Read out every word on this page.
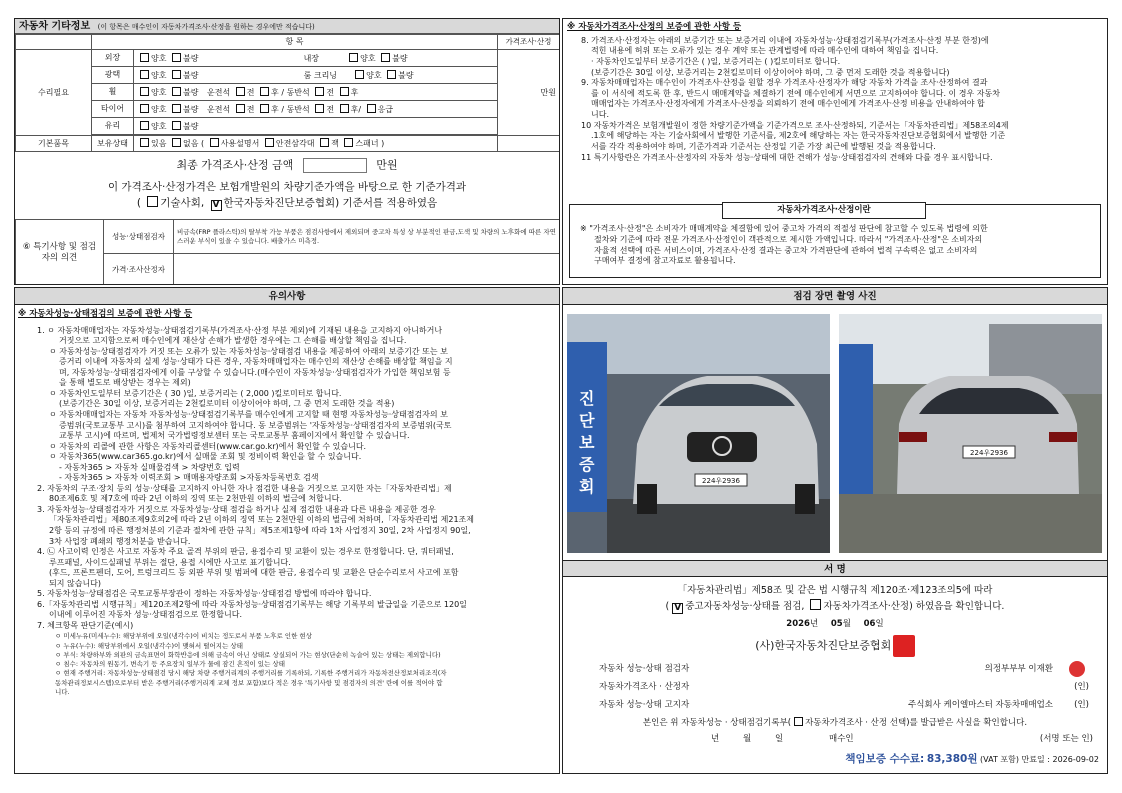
자동차 기타정보 (이 항목은 매수인이 자동차가격조사·산정을 원하는 경우에만 적습니다)
	항 목		가격조사·산정
수리필요	외장	양호 불량 내장 양호 불량	만원
	광택	양호 불량 룸 크리닝 양호 불량	
	휠	양호 불량 운전석 전 후 / 동반석 전 후	
	타이어	양호 불량 운전석 전 후 / 동반석 전 후/ 응급	
	유리	양호 불량	

기본품목	보유상태	있음 없음 ( 사용설명서 안전삼각대 잭 스패너 )	
최종 가격조사·산정 금액	만원
이 가격조사·산정가격은 보험개발원의 차량기준가액을 바탕으로 한 기준가격과
( 기술사회, V 한국자동차진단보증협회) 기준서를 적용하였음
⑥ 특기사항 및 점검자의 의견	성능·상태점검자	비금속(FRP 플라스틱)의 탈부착 가능 부품은 점검사항에서 제외되며 중고차 특성 상 부분적인 판금,도색 및 차량의 노후화에 따른 자연스러운 부식이 있을 수 있습니다. 배출가스 미측정.
	가격·조사산정자	
※ 자동차가격조사·산정의 보증에 관한 사항 등
8. 가격조사·산정자는 아래의 보증기간 또는 보증거리 이내에 자동차성능·상태점검기록부(가격조사·산정 부분 한정)에
적힌 내용에 허위 또는 오류가 있는 경우 계약 또는 관계법령에 따라 매수인에 대하여 책임을 집니다.
· 자동차인도일부터 보증기간은 ( )일, 보증거리는 ( )킬로미터로 합니다.
(보증기간은 30일 이상, 보증거리는 2천킬로미터 이상이어야 하며, 그 중 먼저 도래한 것을 적용합니다)
9. 자동차매매업자는 매수인이 가격조사·산정을 원할 경우 가격조사·산정자가 해당 자동차 가격을 조사·산정하여 결과
를 이 서식에 적도록 한 후, 반드시 매매계약을 체결하기 전에 매수인에게 서면으로 고지하여야 합니다. 이 경우 자동차
매매업자는 가격조사·산정자에게 가격조사·산정을 의뢰하기 전에 매수인에게 가격조사·산정 비용을 안내하여야 합
니다.
10 자동차가격은 보험개발원이 정한 차량기준가액을 기준가격으로 조사·산정하되, 기준서는「자동차관리법」제58조의4제
.1호에 해당하는 자는 기술사회에서 발행한 기준서를, 제2호에 해당하는 자는 한국자동차진단보증협회에서 발행한 기준
서를 각각 적용하여야 하며, 기준가격과 기준서는 산정일 기준 가장 최근에 발행된 것을 적용합니다.
11 특기사항란은 가격조사·산정자의 자동차 성능·상태에 대한 견해가 성능·상태점검자의 견해와 다를 경우 표시합니다.
자동차가격조사·산정이란
※ "가격조사·산정"은 소비자가 매매계약을 체결함에 있어 중고차 가격의 적절성 판단에 참고할 수 있도록 법령에 의한
절차와 기준에 따라 전문 가격조사·산정인이 객관적으로 제시한 가액입니다. 따라서 "가격조사·산정"은 소비자의
자율적 선택에 따른 서비스이며, 가격조사·산정 결과는 중고차 가격판단에 관하여 법적 구속력은 없고 소비자의
구매여부 결정에 참고자료로 활용됩니다.
유의사항
※ 자동차성능·상태점검의 보증에 관한 사항 등
1. ㅇ 자동차매매업자는 자동차성능·상태점검기록부(가격조사·산정 부분 제외)에 기재된 내용을 고지하지 아니하거나
거짓으로 고지함으로써 매수인에게 재산상 손해가 발생한 경우에는 그 손해를 배상할 책임을 집니다.
ㅇ 자동차성능·상태점검자가 거짓 또는 오류가 있는 자동차성능·상태점검 내용을 제공하여 아래의 보증기간 또는 보
증거리 이내에 자동차의 실제 성능·상태가 다른 경우, 자동차매매업자는 매수인의 재산상 손해를 배상할 책임을 지
며, 자동차성능·상태점검자에게 이를 구상할 수 있습니다.(매수인이 자동차성능·상태점검자가 가입한 책임보험 등
을 통해 별도로 배상받는 경우는 제외)
ㅇ 자동차인도일부터 보증기간은 ( 30 )일, 보증거리는 ( 2,000 )킬로미터로 합니다.
(보증기간은 30일 이상, 보증거리는 2천킬로미터 이상이어야 하며, 그 중 먼저 도래한 것을 적용)
ㅇ 자동차매매업자는 자동차 자동차성능·상태점검기록부를 매수인에게 고지할 때 현행 자동차성능·상태점검자의 보
증범위(국토교통부 고시)를 첨부하여 고지하여야 합니다. 동 보증범위는 '자동차성능·상태점검자의 보증범위(국토
교통부 고시)에 따르며, 법제처 국가법령정보센터 또는 국토교통부 홈페이지에서 확인할 수 있습니다.
ㅇ 자동차의 리콜에 관한 사항은 자동차리콜센터(www.car.go.kr)에서 확인할 수 있습니다.
ㅇ 자동차365(www.car365.go.kr)에서 실매물 조회 및 정비이력 확인을 할 수 있습니다.
- 자동차365 > 자동차 실매물검색 > 차량번호 입력
- 자동차365 > 자동차 이력조회 > 매매용자량조회 >자동차등록번호 검색
2. 자동차의 구조·장치 등의 성능·상태를 고지하지 아니한 자나 점검한 내용을 거짓으로 고지한 자는「자동차관리법」제
80조제6호 및 제7호에 따라 2년 이하의 징역 또는 2천만원 이하의 벌금에 처합니다.
3. 자동차성능·상태점검자가 거짓으로 자동차성능·상태 점검을 하거나 실제 점검한 내용과 다른 내용을 제공한 경우
「자동차관리법」제80조제9호의2에 따라 2년 이하의 징역 또는 2천만원 이하의 벌금에 처하며,「자동차관리법 제21조제
2항 등의 규정에 따른 행정처분의 기준과 절차에 관한 규칙」제5조제1항에 따라 1차 사업정지 30일, 2차 사업정지 90일,
3차 사업장 폐쇄의 행정처분을 받습니다.
4. ㉡ 사고이력 인정은 사고로 자동차 주요 골격 부위의 판금, 용접수리 및 교환이 있는 경우로 한정합니다. 단, 쿼터패널,
루프패널, 사이드실패널 부위는 절단, 용접 시에만 사고로 표기합니다.
(후드, 프론트펜더, 도어, 트렁크리드 등 외판 부위 및 범퍼에 대한 판금, 용접수리 및 교환은 단순수리로서 사고에 포함
되지 않습니다)
5. 자동차성능·상태점검은 국토교통부장관이 정하는 자동차성능·상태점검 방법에 따라야 합니다.
6.「자동차관리법 시행규칙」제120조제2항에 따라 자동차성능·상태점검기록부는 해당 기록부의 발급일을 기준으로 120일
이내에 이루어진 자동차 성능·상태점검으로 한정합니다.
7. 체크항목 판단기준(예시)
ㅇ 미세누유(미세누수): 해당부위에 오일(냉각수)이 비치는 정도로서 부품 노후로 인한 현상
ㅇ 누유(누수): 해당부위에서 오일(냉각수)이 맺혀서 떨어지는 상태
ㅇ 부식: 차량하부와 외판의 금속표면이 화학반응에 의해 금속이 아닌 상태로 상실되어 가는 현상(단순히 녹슬어 있는 상태는 제외합니다)
ㅇ 침수: 자동차의 원동기, 변속기 등 주요장치 일부가 물에 잠긴 흔적이 있는 상태
ㅇ 현재 주행거리: 자동차성능·상태점검 당시 해당 차량 주행거리계의 주행거리를 기록하되, 기록한 주행거리가 자동차전산정보처리조직(자
동차관리정보시스템)으로부터 받은 주행거리(주행거리계 교체 정보 포함)보다 적은 경우 '특기사항 및 점검자의 의견' 란에 이를 적어야 합
니다.
점검 장면 촬영 사진
진
단
보
증
회	224우2936
224우2936
서 명
「자동차관리법」제58조 및 같은 법 시행규칙 제120조·제123조의5에 따라
( V 중고자동차성능·상태를 점검, 자동차가격조사·산정) 하였음을 확인합니다.
2026년 05월 06일
(사)한국자동차진단보증협회
자동차 성능·상태 점검자	의정부부부 이재환
자동차가격조사 · 산정자	(인)
자동차 성능·상태 고지자	주식회사 케이엘마스터 자동차매매업소 (인)
본인은 위 자동차성능 · 상태점검기록부( 자동차가격조사 · 산정 선택)를 발급받은 사실을 확인합니다.
년	월	일	매수인	(서명 또는 인)
책임보증 수수료: 83,380원 (VAT 포함) 만료일 : 2026-09-02
